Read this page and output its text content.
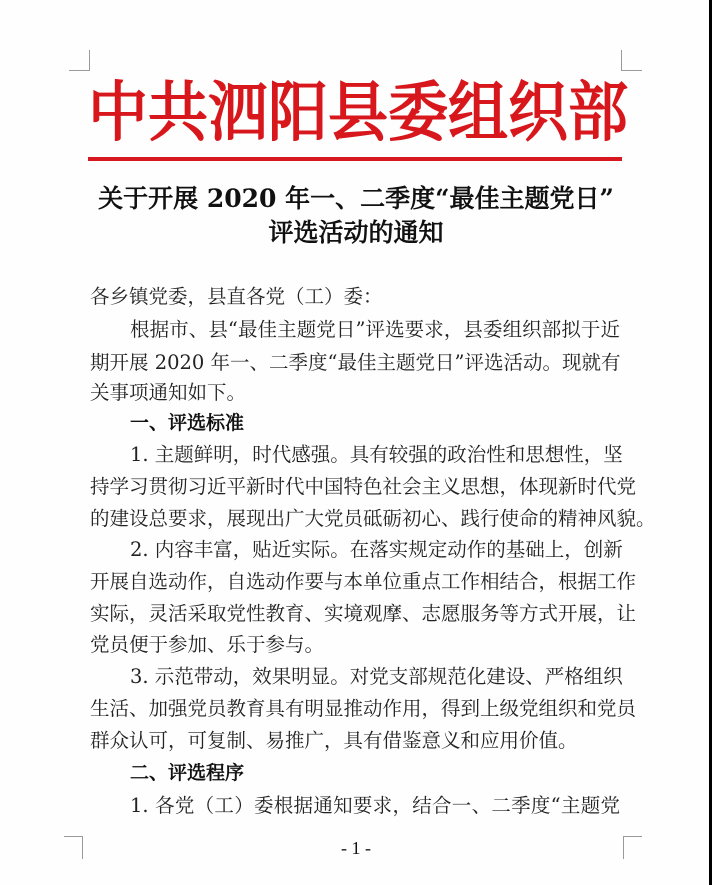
中 共 泗 阳 县 委 组 织 部
关于开展 2020 年一、二季度“最佳主题党日”
评选活动的通知
各乡镇党委，县直各党（工）委：
根据市、县“最佳主题党日”评选要求，县委组织部拟于近
期开展 2020 年一、二季度“最佳主题党日”评选活动。现就有
关事项通知如下。
一、评选标准
1. 主题鲜明，时代感强。具有较强的政治性和思想性，坚
持学习贯彻习近平新时代中国特色社会主义思想，体现新时代党
的建设总要求，展现出广大党员砥砺初心、践行使命的精神风貌。
2. 内容丰富，贴近实际。在落实规定动作的基础上，创新
开展自选动作，自选动作要与本单位重点工作相结合，根据工作
实际，灵活采取党性教育、实境观摩、志愿服务等方式开展，让
党员便于参加、乐于参与。
3. 示范带动，效果明显。对党支部规范化建设、严格组织
生活、加强党员教育具有明显推动作用，得到上级党组织和党员
群众认可，可复制、易推广，具有借鉴意义和应用价值。
二、评选程序
1. 各党（工）委根据通知要求，结合一、二季度“主题党
- 1 -
